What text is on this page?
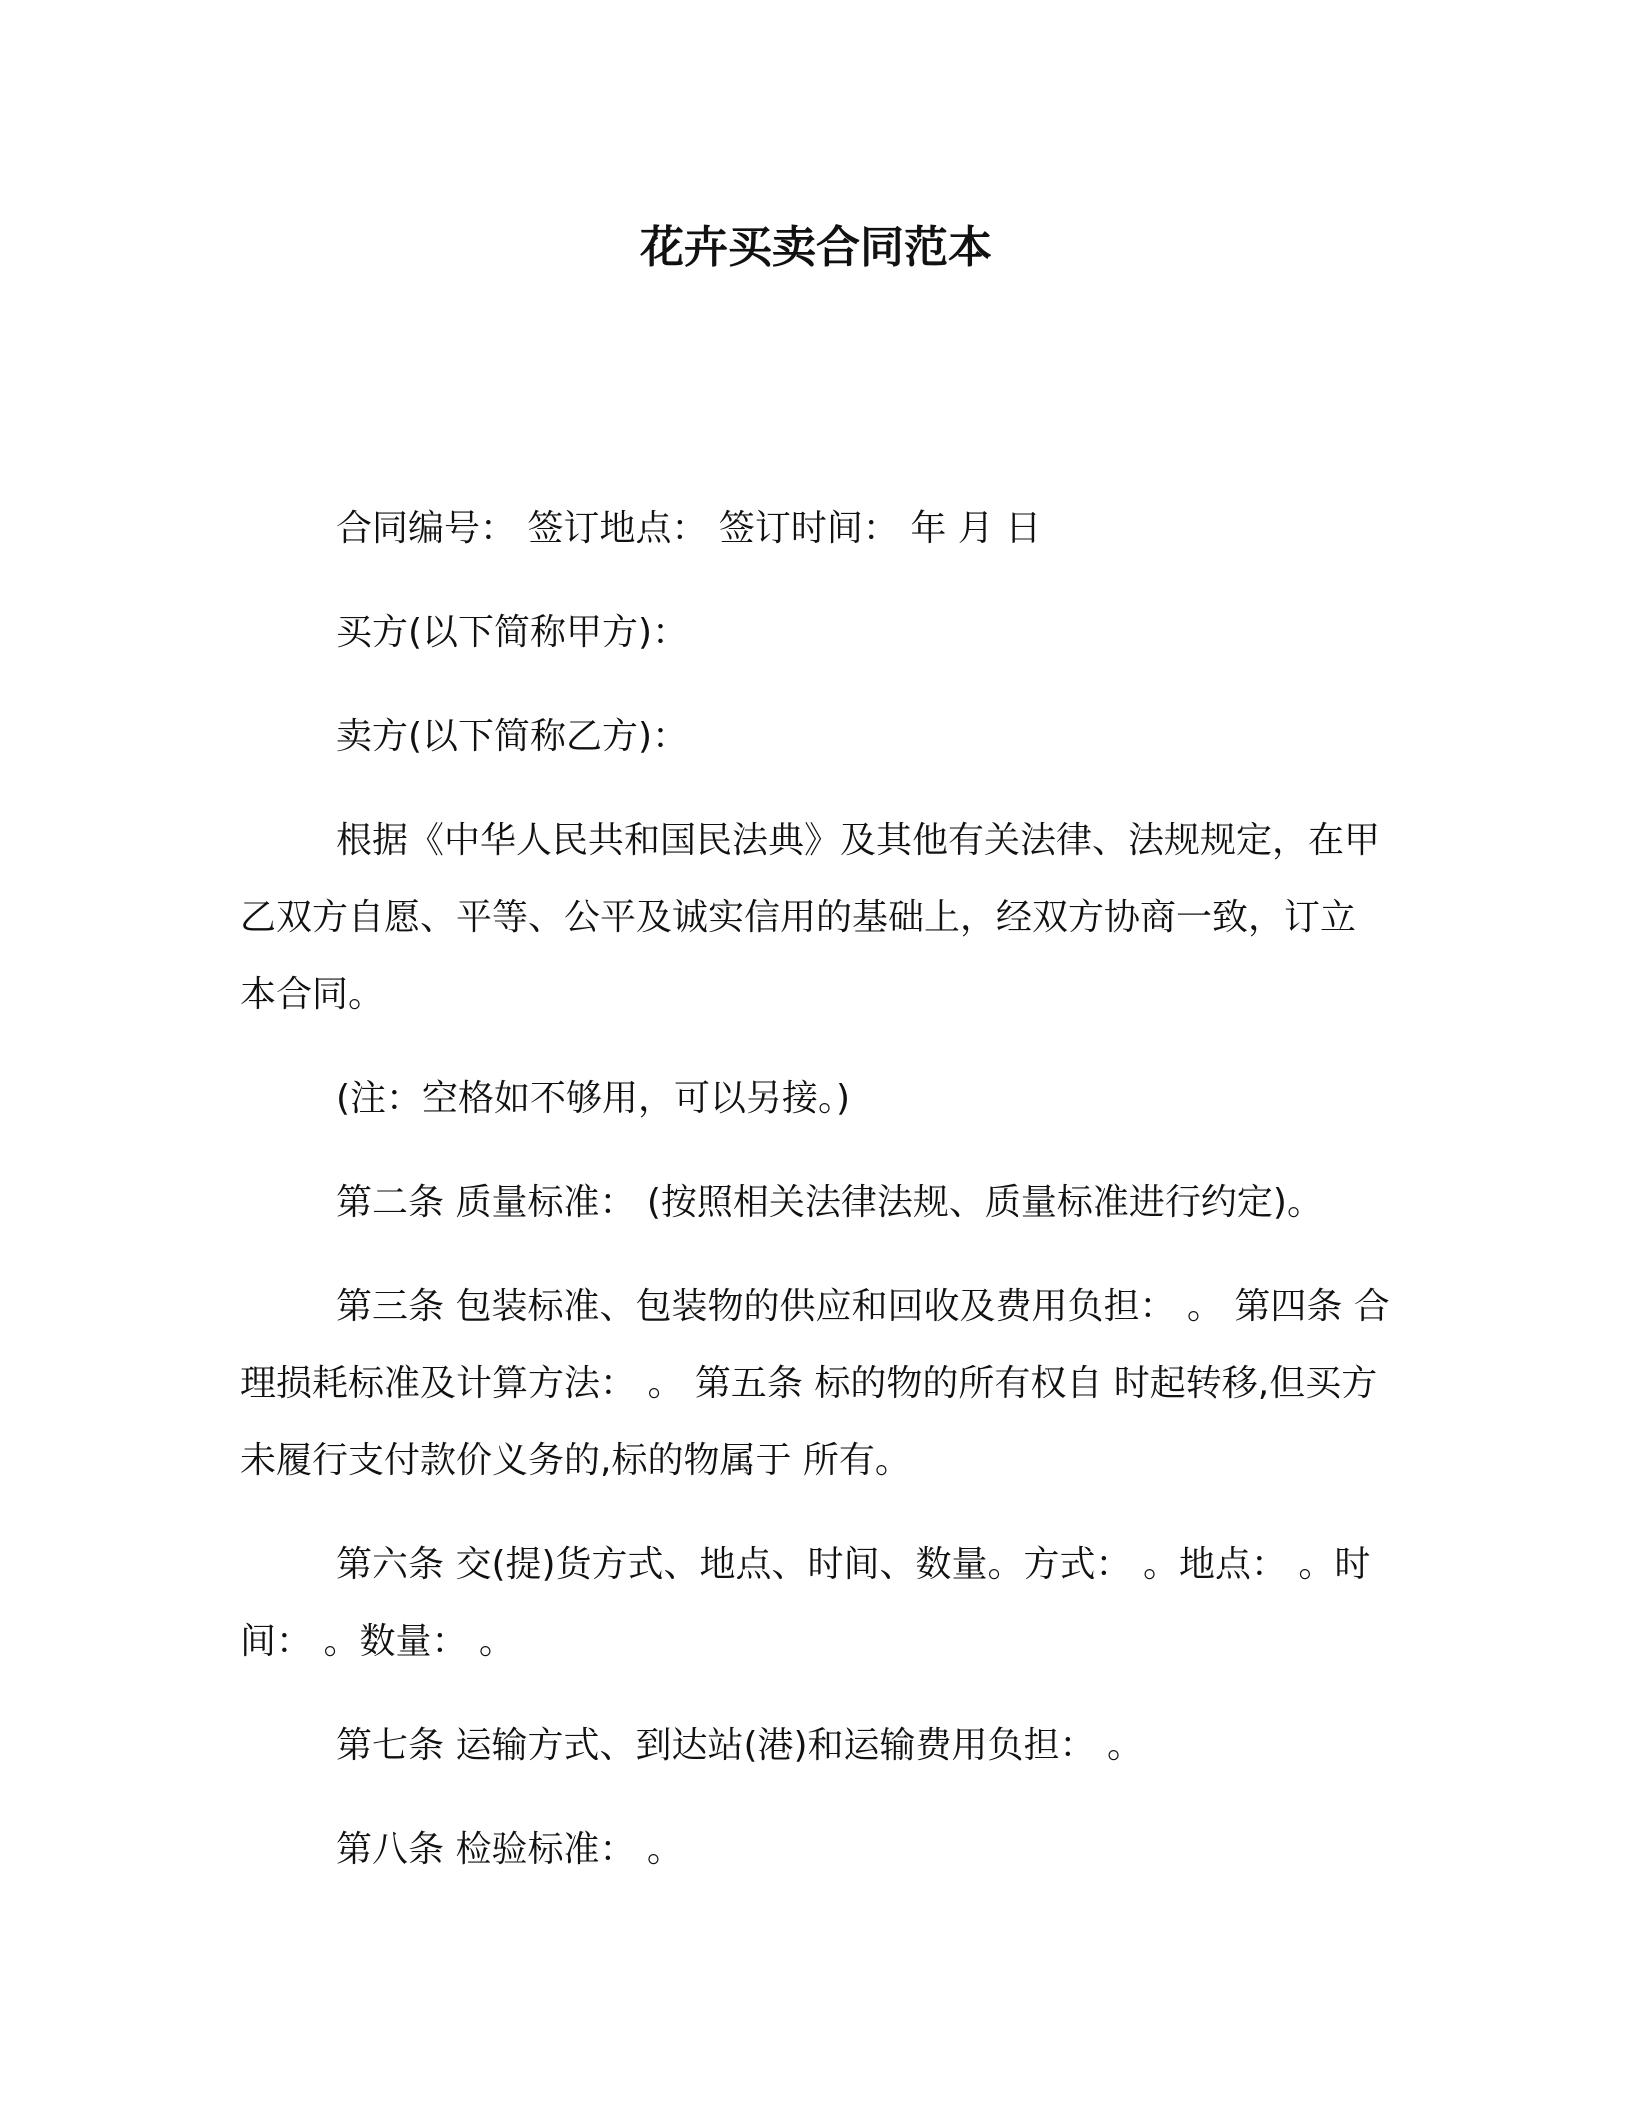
花卉买卖合同范本

合同编号： 签订地点： 签订时间： 年 月 日

买方(以下简称甲方)：

卖方(以下简称乙方)：

根据《中华人民共和国民法典》及其他有关法律、法规规定，在甲乙双方自愿、平等、公平及诚实信用的基础上，经双方协商一致，订立本合同。

(注：空格如不够用，可以另接。)

第二条 质量标准： (按照相关法律法规、质量标准进行约定)。

第三条 包装标准、包装物的供应和回收及费用负担： 。 第四条 合理损耗标准及计算方法： 。 第五条 标的物的所有权自 时起转移,但买方未履行支付款价义务的,标的物属于 所有。

第六条 交(提)货方式、地点、时间、数量。方式： 。地点： 。时间： 。数量： 。

第七条 运输方式、到达站(港)和运输费用负担： 。

第八条 检验标准： 。
